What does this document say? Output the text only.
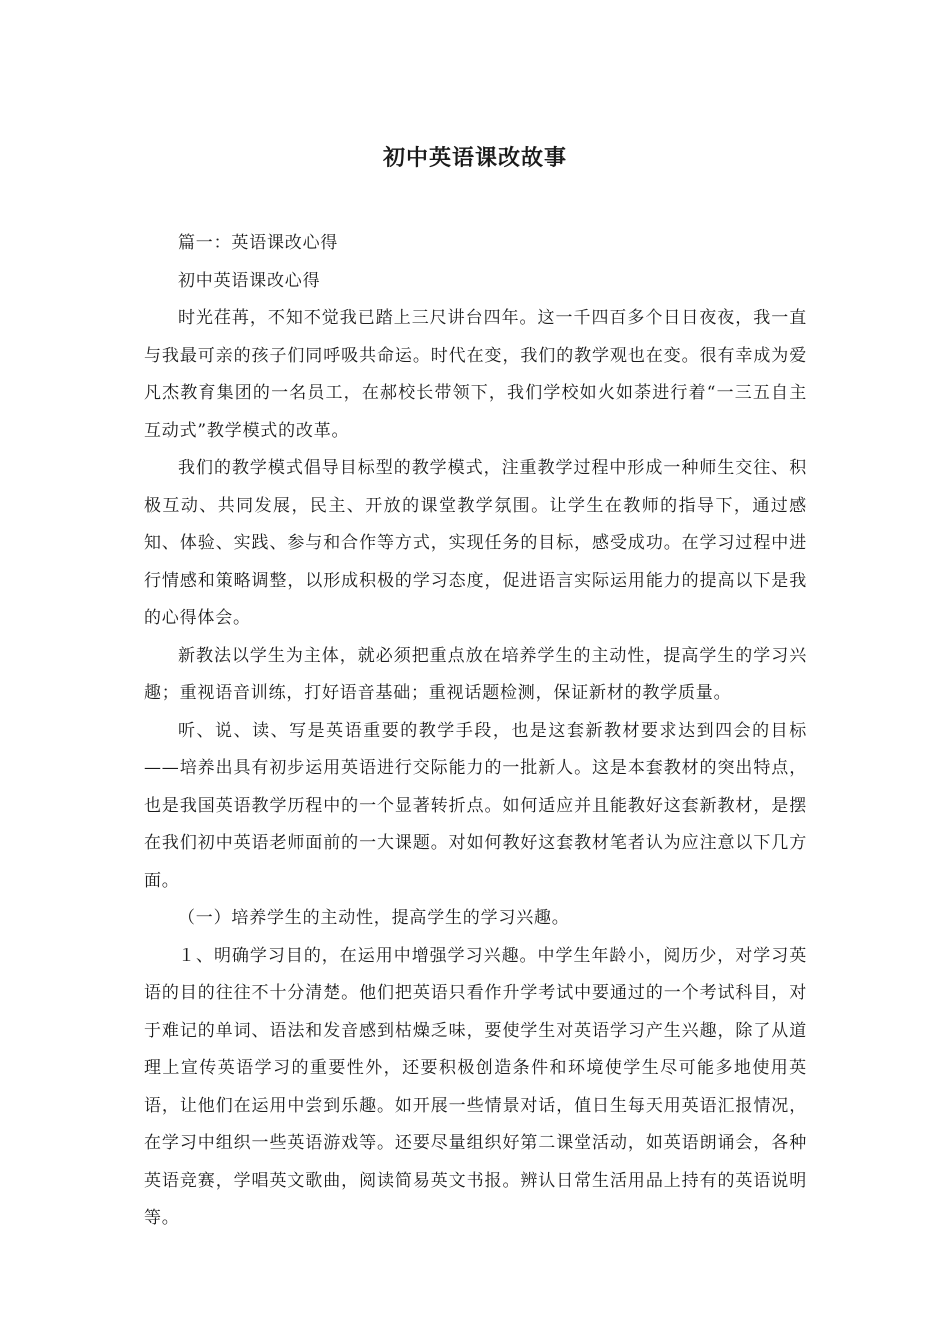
初中英语课改故事

篇一：英语课改心得

初中英语课改心得

时光荏苒，不知不觉我已踏上三尺讲台四年。这一千四百多个日日夜夜，我一直与我最可亲的孩子们同呼吸共命运。时代在变，我们的教学观也在变。很有幸成为爱凡杰教育集团的一名员工，在郝校长带领下，我们学校如火如荼进行着“一三五自主互动式”教学模式的改革。

我们的教学模式倡导目标型的教学模式，注重教学过程中形成一种师生交往、积极互动、共同发展，民主、开放的课堂教学氛围。让学生在教师的指导下，通过感知、体验、实践、参与和合作等方式，实现任务的目标，感受成功。在学习过程中进行情感和策略调整，以形成积极的学习态度，促进语言实际运用能力的提高以下是我的心得体会。

新教法以学生为主体，就必须把重点放在培养学生的主动性，提高学生的学习兴趣；重视语音训练，打好语音基础；重视话题检测，保证新材的教学质量。

听、说、读、写是英语重要的教学手段，也是这套新教材要求达到四会的目标——培养出具有初步运用英语进行交际能力的一批新人。这是本套教材的突出特点，也是我国英语教学历程中的一个显著转折点。如何适应并且能教好这套新教材，是摆在我们初中英语老师面前的一大课题。对如何教好这套教材笔者认为应注意以下几方面。

（一）培养学生的主动性，提高学生的学习兴趣。

１、明确学习目的，在运用中增强学习兴趣。中学生年龄小，阅历少，对学习英语的目的往往不十分清楚。他们把英语只看作升学考试中要通过的一个考试科目，对于难记的单词、语法和发音感到枯燥乏味，要使学生对英语学习产生兴趣，除了从道理上宣传英语学习的重要性外，还要积极创造条件和环境使学生尽可能多地使用英语，让他们在运用中尝到乐趣。如开展一些情景对话，值日生每天用英语汇报情况，在学习中组织一些英语游戏等。还要尽量组织好第二课堂活动，如英语朗诵会，各种英语竞赛，学唱英文歌曲，阅读简易英文书报。辨认日常生活用品上持有的英语说明等。
